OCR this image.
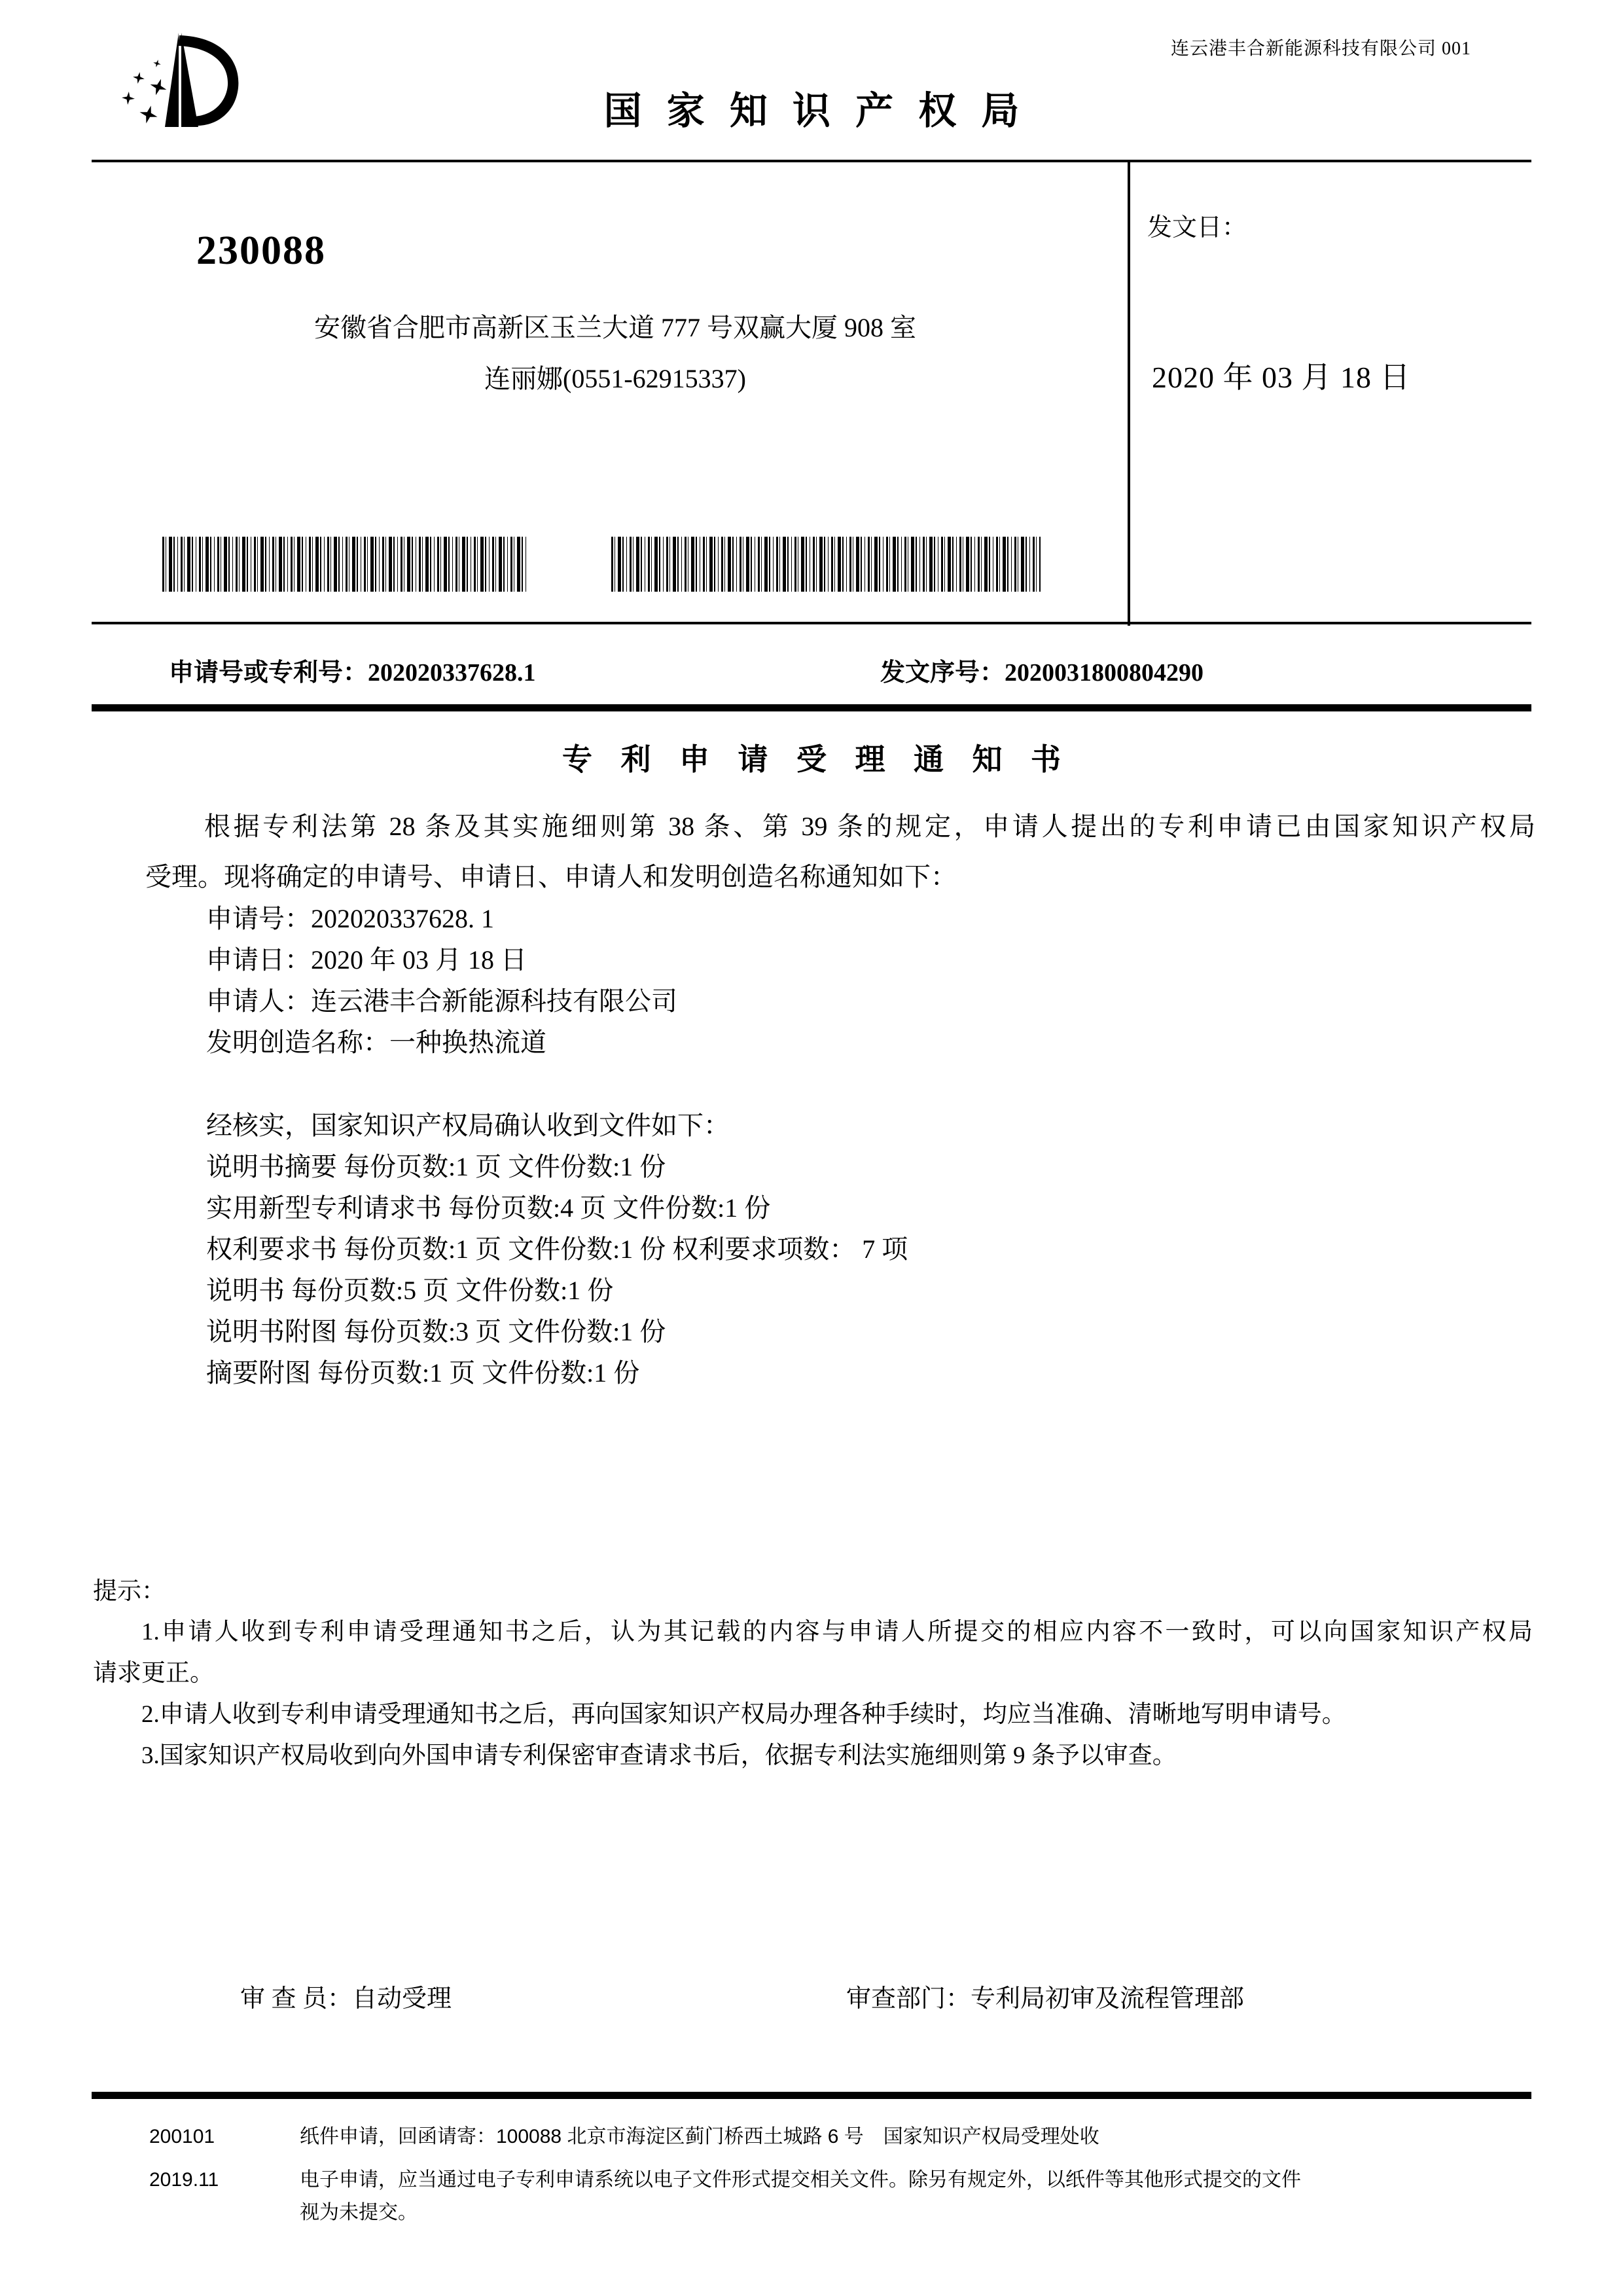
连云港丰合新能源科技有限公司 001
国 家 知 识 产 权 局
230088
安徽省合肥市高新区玉兰大道 777 号双赢大厦 908 室
连丽娜(0551-62915337)
发文日：
2020 年 03 月 18 日
申请号或专利号：202020337628.1	发文序号：2020031800804290
专 利 申 请 受 理 通 知 书
根据专利法第 28 条及其实施细则第 38 条、第 39 条的规定，申请人提出的专利申请已由国家知识产权局
受理。现将确定的申请号、申请日、申请人和发明创造名称通知如下：
申请号：202020337628. 1
申请日：2020 年 03 月 18 日
申请人：连云港丰合新能源科技有限公司
发明创造名称：一种换热流道
经核实，国家知识产权局确认收到文件如下：
说明书摘要 每份页数:1 页 文件份数:1 份
实用新型专利请求书 每份页数:4 页 文件份数:1 份
权利要求书 每份页数:1 页 文件份数:1 份 权利要求项数： 7 项
说明书 每份页数:5 页 文件份数:1 份
说明书附图 每份页数:3 页 文件份数:1 份
摘要附图 每份页数:1 页 文件份数:1 份
提示：
1.申请人收到专利申请受理通知书之后，认为其记载的内容与申请人所提交的相应内容不一致时，可以向国家知识产权局
请求更正。
2.申请人收到专利申请受理通知书之后，再向国家知识产权局办理各种手续时，均应当准确、清晰地写明申请号。
3.国家知识产权局收到向外国申请专利保密审查请求书后，依据专利法实施细则第 9 条予以审查。
审 查 员：自动受理	审查部门：专利局初审及流程管理部
200101	纸件申请，回函请寄：100088 北京市海淀区蓟门桥西土城路 6 号　国家知识产权局受理处收
2019.11	电子申请，应当通过电子专利申请系统以电子文件形式提交相关文件。除另有规定外，以纸件等其他形式提交的文件视为未提交。
